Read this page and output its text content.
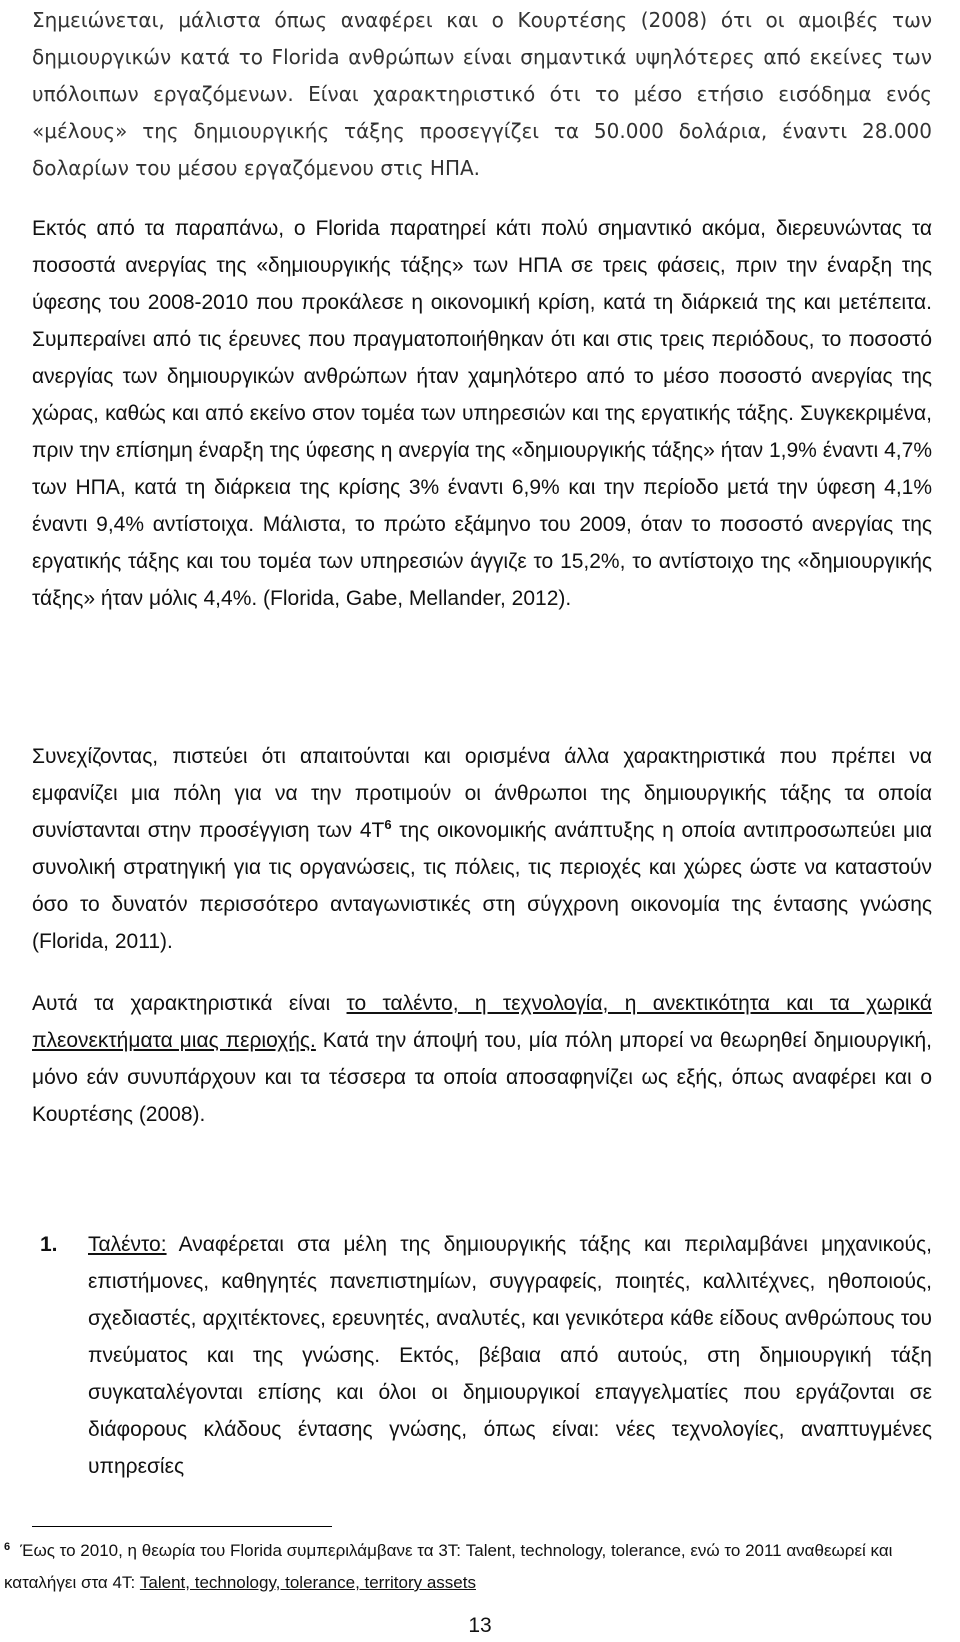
Σημειώνεται, μάλιστα όπως αναφέρει και ο Κουρτέσης (2008) ότι οι αμοιβές των δημιουργικών κατά το Florida ανθρώπων είναι σημαντικά υψηλότερες από εκείνες των υπόλοιπων εργαζόμενων. Είναι χαρακτηριστικό ότι το μέσο ετήσιο εισόδημα ενός «μέλους» της δημιουργικής τάξης προσεγγίζει τα 50.000 δολάρια, έναντι 28.000 δολαρίων του μέσου εργαζόμενου στις ΗΠΑ.

Εκτός από τα παραπάνω, ο Florida παρατηρεί κάτι πολύ σημαντικό ακόμα, διερευνώντας τα ποσοστά ανεργίας της «δημιουργικής τάξης» των ΗΠΑ σε τρεις φάσεις, πριν την έναρξη της ύφεσης του 2008-2010 που προκάλεσε η οικονομική κρίση, κατά τη διάρκειά της και μετέπειτα. Συμπεραίνει από τις έρευνες που πραγματοποιήθηκαν ότι και στις τρεις περιόδους, το ποσοστό ανεργίας των δημιουργικών ανθρώπων ήταν χαμηλότερο από το μέσο ποσοστό ανεργίας της χώρας, καθώς και από εκείνο στον τομέα των υπηρεσιών και της εργατικής τάξης. Συγκεκριμένα, πριν την επίσημη έναρξη της ύφεσης η ανεργία της «δημιουργικής τάξης» ήταν 1,9% έναντι 4,7% των ΗΠΑ, κατά τη διάρκεια της κρίσης 3% έναντι 6,9% και την περίοδο μετά την ύφεση 4,1% έναντι 9,4% αντίστοιχα. Μάλιστα, το πρώτο εξάμηνο του 2009, όταν το ποσοστό ανεργίας της εργατικής τάξης και του τομέα των υπηρεσιών άγγιζε το 15,2%, το αντίστοιχο της «δημιουργικής τάξης» ήταν μόλις 4,4%. (Florida, Gabe, Mellander, 2012).

Συνεχίζοντας, πιστεύει ότι απαιτούνται και ορισμένα άλλα χαρακτηριστικά που πρέπει να εμφανίζει μια πόλη για να την προτιμούν οι άνθρωποι της δημιουργικής τάξης τα οποία συνίστανται στην προσέγγιση των 4Τ$^6$ της οικονομικής ανάπτυξης η οποία αντιπροσωπεύει μια συνολική στρατηγική για τις οργανώσεις, τις πόλεις, τις περιοχές και χώρες ώστε να καταστούν όσο το δυνατόν περισσότερο ανταγωνιστικές στη σύγχρονη οικονομία της έντασης γνώσης (Florida, 2011).

Αυτά τα χαρακτηριστικά είναι το ταλέντο, η τεχνολογία, η ανεκτικότητα και τα χωρικά πλεονεκτήματα μιας περιοχής. Κατά την άποψή του, μία πόλη μπορεί να θεωρηθεί δημιουργική, μόνο εάν συνυπάρχουν και τα τέσσερα τα οποία αποσαφηνίζει ως εξής, όπως αναφέρει και ο Κουρτέσης (2008).

1. Ταλέντο: Αναφέρεται στα μέλη της δημιουργικής τάξης και περιλαμβάνει μηχανικούς, επιστήμονες, καθηγητές πανεπιστημίων, συγγραφείς, ποιητές, καλλιτέχνες, ηθοποιούς, σχεδιαστές, αρχιτέκτονες, ερευνητές, αναλυτές, και γενικότερα κάθε είδους ανθρώπους του πνεύματος και της γνώσης. Εκτός, βέβαια από αυτούς, στη δημιουργική τάξη συγκαταλέγονται επίσης και όλοι οι δημιουργικοί επαγγελματίες που εργάζονται σε διάφορους κλάδους έντασης γνώσης, όπως είναι: νέες τεχνολογίες, αναπτυγμένες υπηρεσίες

$^6$ Έως το 2010, η θεωρία του Florida συμπεριλάμβανε τα 3Τ: Talent, technology, tolerance, ενώ το 2011 αναθεωρεί και καταλήγει στα 4Τ: Talent, technology, tolerance, territory assets

13
